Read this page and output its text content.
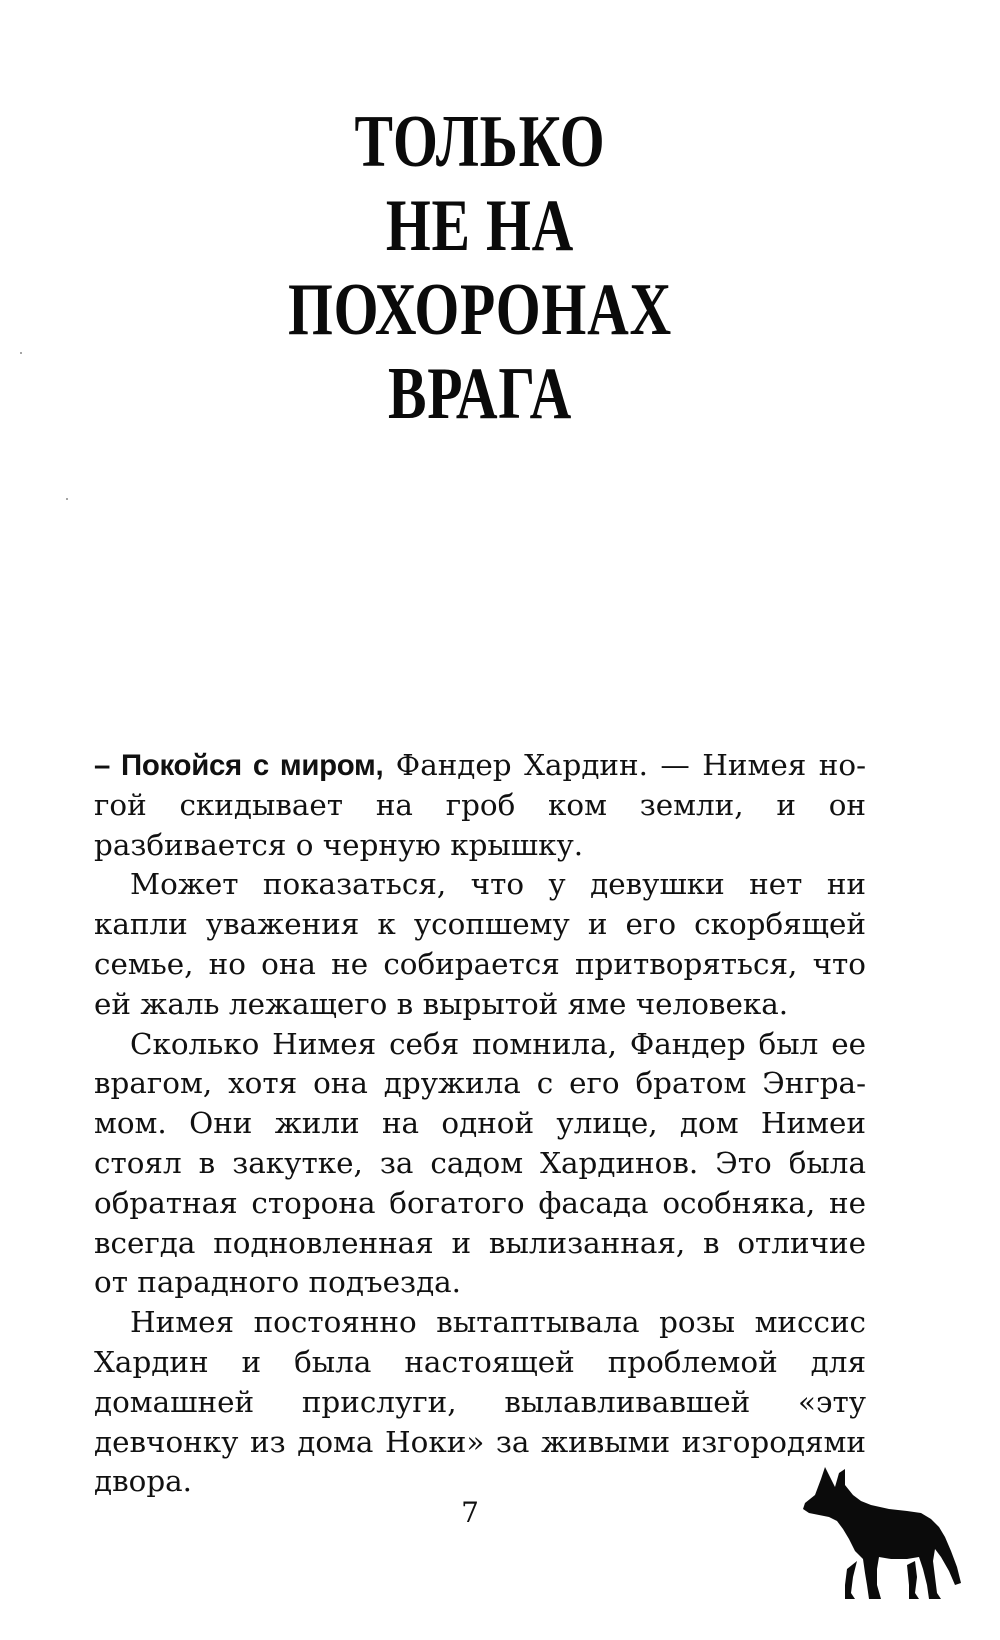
ТОЛЬКО
НЕ НА ПОХОРОНАХ
ВРАГА

– Покойся с миром, Фандер Хардин. — Нимея ногой скидывает на гроб ком земли, и он разбивается о черную крышку.

Может показаться, что у девушки нет ни капли уважения к усопшему и его скорбящей семье, но она не собирается притворяться, что ей жаль лежащего в вырытой яме человека.

Сколько Нимея себя помнила, Фандер был ее врагом, хотя она дружила с его братом Энграмом. Они жили на одной улице, дом Нимеи стоял в закутке, за садом Хардинов. Это была обратная сторона богатого фасада особняка, не всегда подновленная и вылизанная, в отличие от парадного подъезда.

Нимея постоянно вытаптывала розы миссис Хардин и была настоящей проблемой для домашней прислуги, вылавливавшей «эту девчонку из дома Ноки» за живыми изгородями двора.

7
